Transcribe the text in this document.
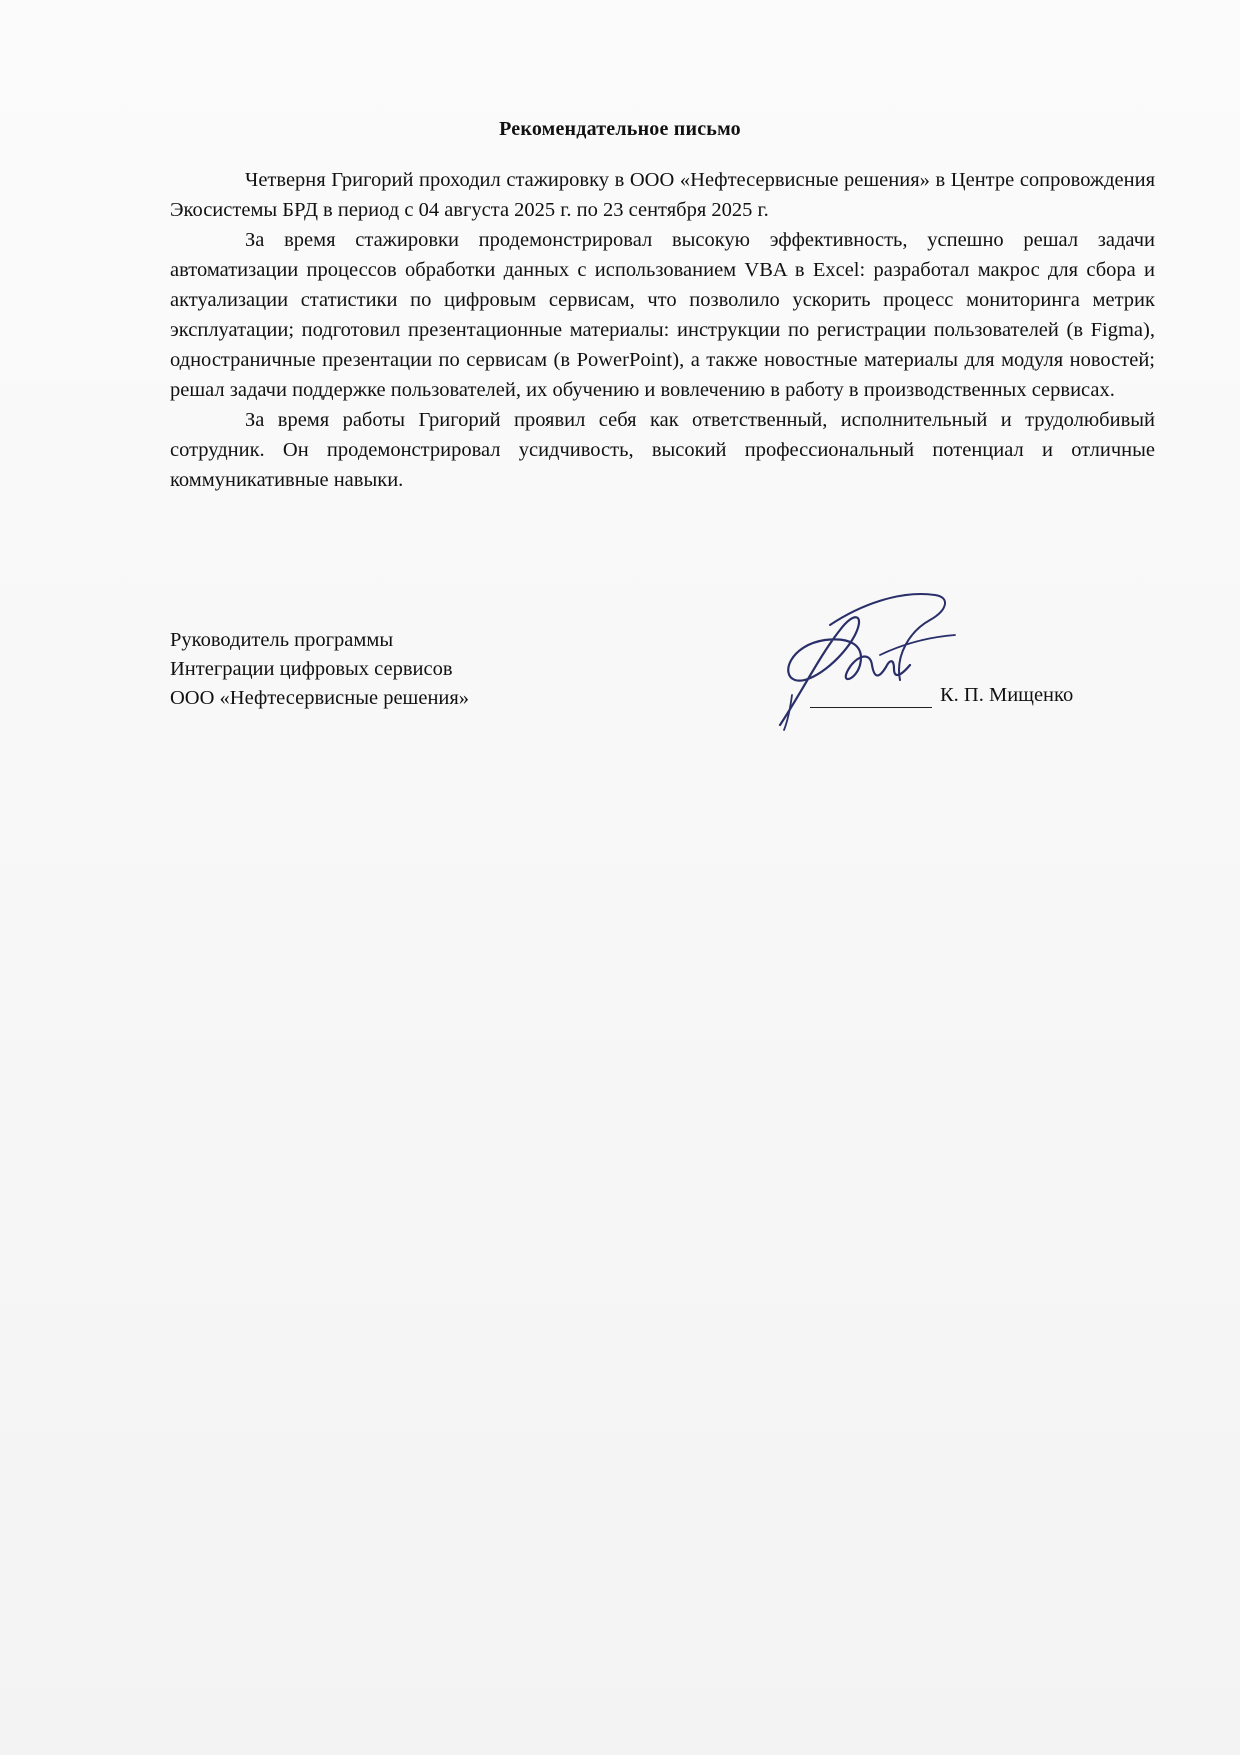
Рекомендательное письмо

Четверня Григорий проходил стажировку в ООО «Нефтесервисные решения» в Центре сопровождения Экосистемы БРД в период с 04 августа 2025 г. по 23 сентября 2025 г.

За время стажировки продемонстрировал высокую эффективность, успешно решал задачи автоматизации процессов обработки данных с использованием VBA в Excel: разработал макрос для сбора и актуализации статистики по цифровым сервисам, что позволило ускорить процесс мониторинга метрик эксплуатации; подготовил презентационные материалы: инструкции по регистрации пользователей (в Figma), одностраничные презентации по сервисам (в PowerPoint), а также новостные материалы для модуля новостей; решал задачи поддержке пользователей, их обучению и вовлечению в работу в производственных сервисах.

За время работы Григорий проявил себя как ответственный, исполнительный и трудолюбивый сотрудник. Он продемонстрировал усидчивость, высокий профессиональный потенциал и отличные коммуникативные навыки.

Руководитель программы
Интеграции цифровых сервисов
ООО «Нефтесервисные решения»	К. П. Мищенко
